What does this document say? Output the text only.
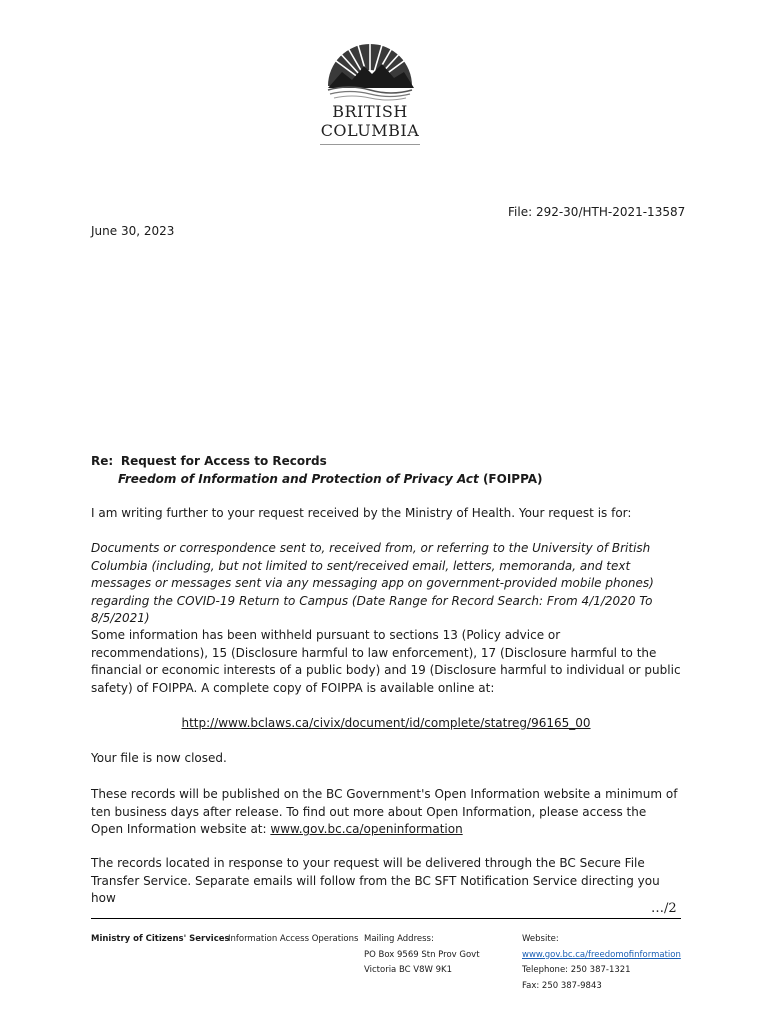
BRITISH
COLUMBIA
File: 292-30/HTH-2021-13587
June 30, 2023
Re: Request for Access to Records
Freedom of Information and Protection of Privacy Act (FOIPPA)
I am writing further to your request received by the Ministry of Health. Your request is for:
Documents or correspondence sent to, received from, or referring to the University of British Columbia (including, but not limited to sent/received email, letters, memoranda, and text messages or messages sent via any messaging app on government-provided mobile phones) regarding the COVID-19 Return to Campus (Date Range for Record Search: From 4/1/2020 To 8/5/2021)
Some information has been withheld pursuant to sections 13 (Policy advice or recommendations), 15 (Disclosure harmful to law enforcement), 17 (Disclosure harmful to the financial or economic interests of a public body) and 19 (Disclosure harmful to individual or public safety) of FOIPPA. A complete copy of FOIPPA is available online at:
http://www.bclaws.ca/civix/document/id/complete/statreg/96165_00
Your file is now closed.
These records will be published on the BC Government's Open Information website a minimum of ten business days after release. To find out more about Open Information, please access the Open Information website at: www.gov.bc.ca/openinformation
The records located in response to your request will be delivered through the BC Secure File Transfer Service. Separate emails will follow from the BC SFT Notification Service directing you how
…/2
Ministry of Citizens' Services
Information Access Operations Mailing Address:
PO Box 9569 Stn Prov Govt
Victoria BC V8W 9K1
Website:
www.gov.bc.ca/freedomofinformation
Telephone: 250 387-1321
Fax: 250 387-9843
